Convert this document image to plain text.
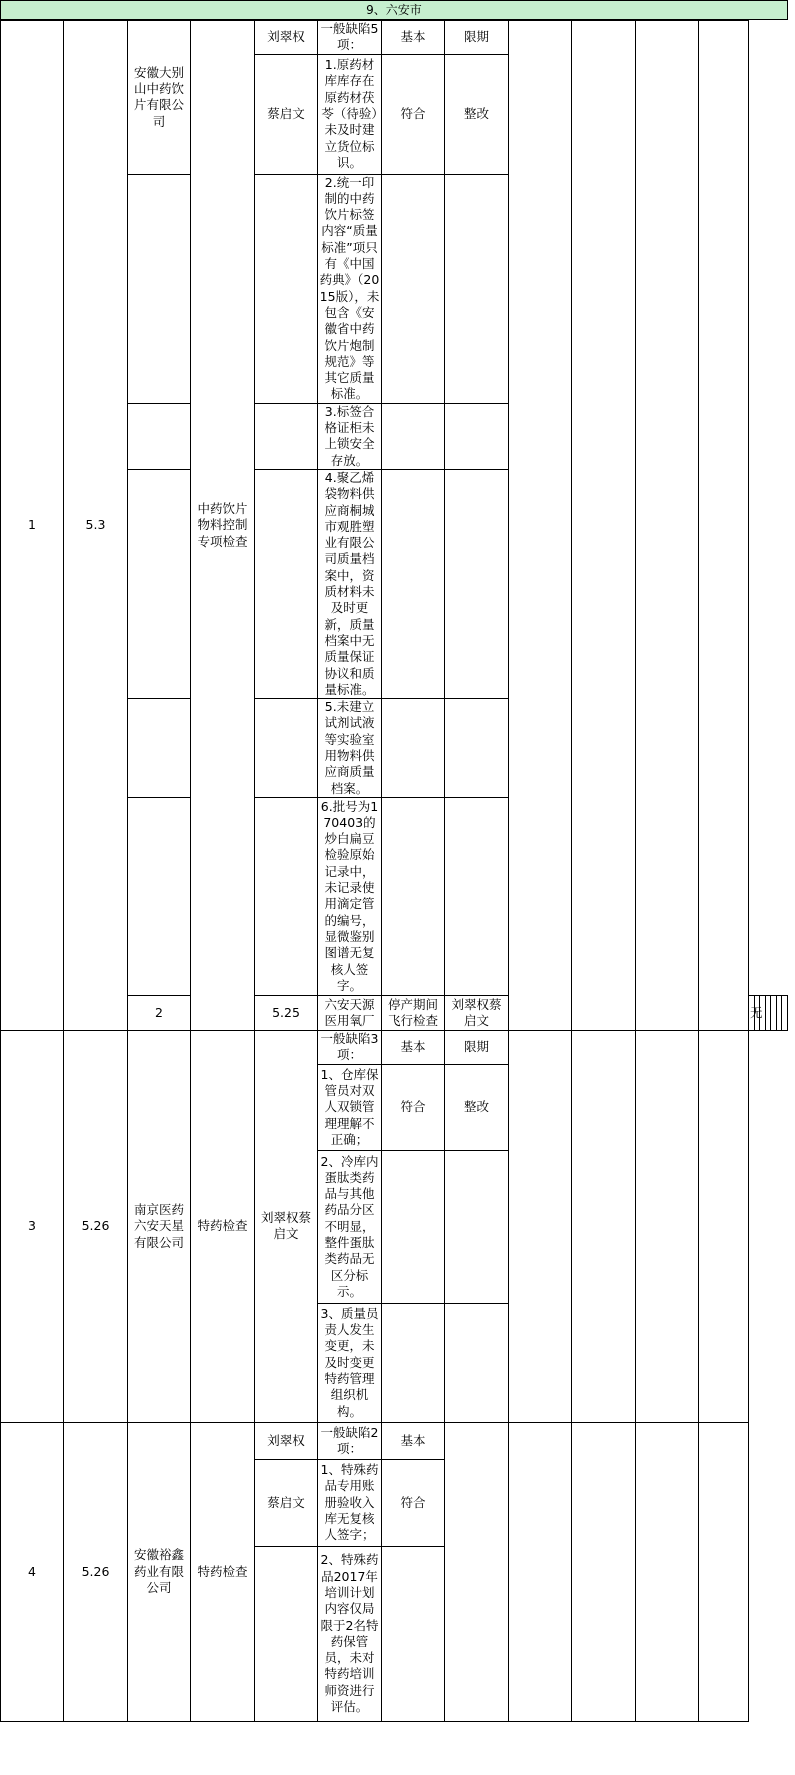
9、六安市
1	5.3	安徽大别山中药饮片有限公司	中药饮片物料控制专项检查	刘翠权	一般缺陷5项：	基本	限期											
				蔡启文	1.原药材库库存在原药材茯苓（待验）未及时建立货位标识。	符合	整改											
					2.统一印制的中药饮片标签内容“质量标准”项只有《中国药典》（2015版），未包含《安徽省中药饮片炮制规范》等其它质量标准。													
					3.标签合格证柜未上锁安全存放。													
					4.聚乙烯袋物料供应商桐城市观胜塑业有限公司质量档案中，资质材料未及时更新，质量档案中无质量保证协议和质量标准。													
					5.未建立试剂试液等实验室用物料供应商质量档案。													
					6.批号为170403的炒白扁豆检验原始记录中，未记录使用滴定管的编号，显微鉴别图谱无复核人签字。													
		2		5.25	六安天源医用氧厂	停产期间飞行检查	刘翠权蔡启文					无						
3	5.26	南京医药六安天星有限公司	特药检查	刘翠权蔡启文	一般缺陷3项：	基本	限期											
					1、仓库保管员对双人双锁管理理解不正确；	符合	整改											
					2、冷库内蛋肽类药品与其他药品分区不明显，整件蛋肽类药品无区分标示。													
					3、质量员责人发生变更，未及时变更特药管理组织机构。													
4	5.26	安徽裕鑫药业有限公司	特药检查	刘翠权	一般缺陷2项：	基本												
				蔡启文	1、特殊药品专用账册验收入库无复核人签字；	符合												
					2、特殊药品2017年培训计划内容仅局限于2名特药保管员，未对特药培训师资进行评估。													
